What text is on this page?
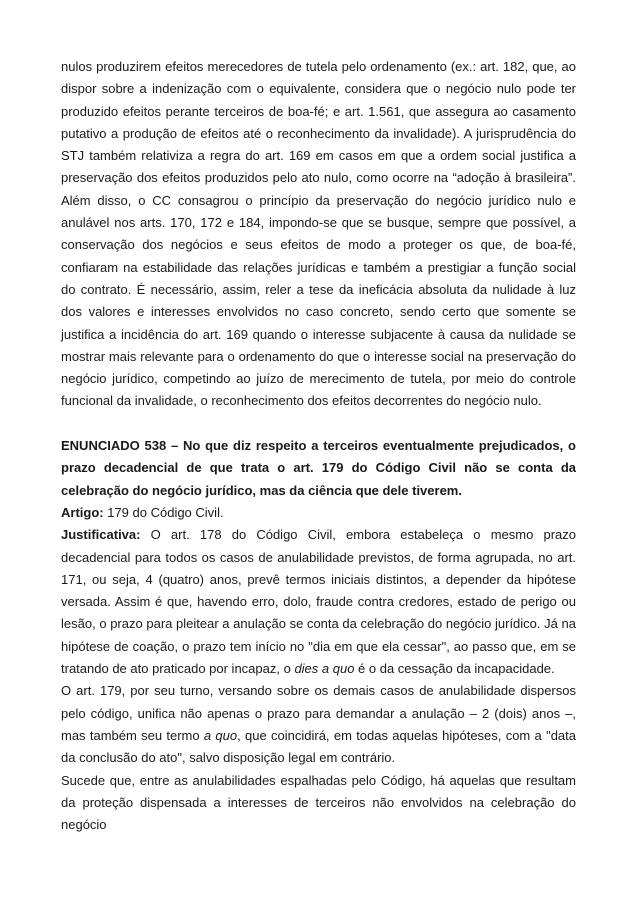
nulos produzirem efeitos merecedores de tutela pelo ordenamento (ex.: art. 182, que, ao dispor sobre a indenização com o equivalente, considera que o negócio nulo pode ter produzido efeitos perante terceiros de boa-fé; e art. 1.561, que assegura ao casamento putativo a produção de efeitos até o reconhecimento da invalidade). A jurisprudência do STJ também relativiza a regra do art. 169 em casos em que a ordem social justifica a preservação dos efeitos produzidos pelo ato nulo, como ocorre na “adoção à brasileira”. Além disso, o CC consagrou o princípio da preservação do negócio jurídico nulo e anulável nos arts. 170, 172 e 184, impondo-se que se busque, sempre que possível, a conservação dos negócios e seus efeitos de modo a proteger os que, de boa-fé, confiaram na estabilidade das relações jurídicas e também a prestigiar a função social do contrato. É necessário, assim, reler a tese da ineficácia absoluta da nulidade à luz dos valores e interesses envolvidos no caso concreto, sendo certo que somente se justifica a incidência do art. 169 quando o interesse subjacente à causa da nulidade se mostrar mais relevante para o ordenamento do que o interesse social na preservação do negócio jurídico, competindo ao juízo de merecimento de tutela, por meio do controle funcional da invalidade, o reconhecimento dos efeitos decorrentes do negócio nulo.

ENUNCIADO 538 – No que diz respeito a terceiros eventualmente prejudicados, o prazo decadencial de que trata o art. 179 do Código Civil não se conta da celebração do negócio jurídico, mas da ciência que dele tiverem.

Artigo: 179 do Código Civil.

Justificativa: O art. 178 do Código Civil, embora estabeleça o mesmo prazo decadencial para todos os casos de anulabilidade previstos, de forma agrupada, no art. 171, ou seja, 4 (quatro) anos, prevê termos iniciais distintos, a depender da hipótese versada. Assim é que, havendo erro, dolo, fraude contra credores, estado de perigo ou lesão, o prazo para pleitear a anulação se conta da celebração do negócio jurídico. Já na hipótese de coação, o prazo tem início no "dia em que ela cessar", ao passo que, em se tratando de ato praticado por incapaz, o dies a quo é o da cessação da incapacidade.

O art. 179, por seu turno, versando sobre os demais casos de anulabilidade dispersos pelo código, unifica não apenas o prazo para demandar a anulação – 2 (dois) anos –, mas também seu termo a quo, que coincidirá, em todas aquelas hipóteses, com a "data da conclusão do ato", salvo disposição legal em contrário.

Sucede que, entre as anulabilidades espalhadas pelo Código, há aquelas que resultam da proteção dispensada a interesses de terceiros não envolvidos na celebração do negócio
